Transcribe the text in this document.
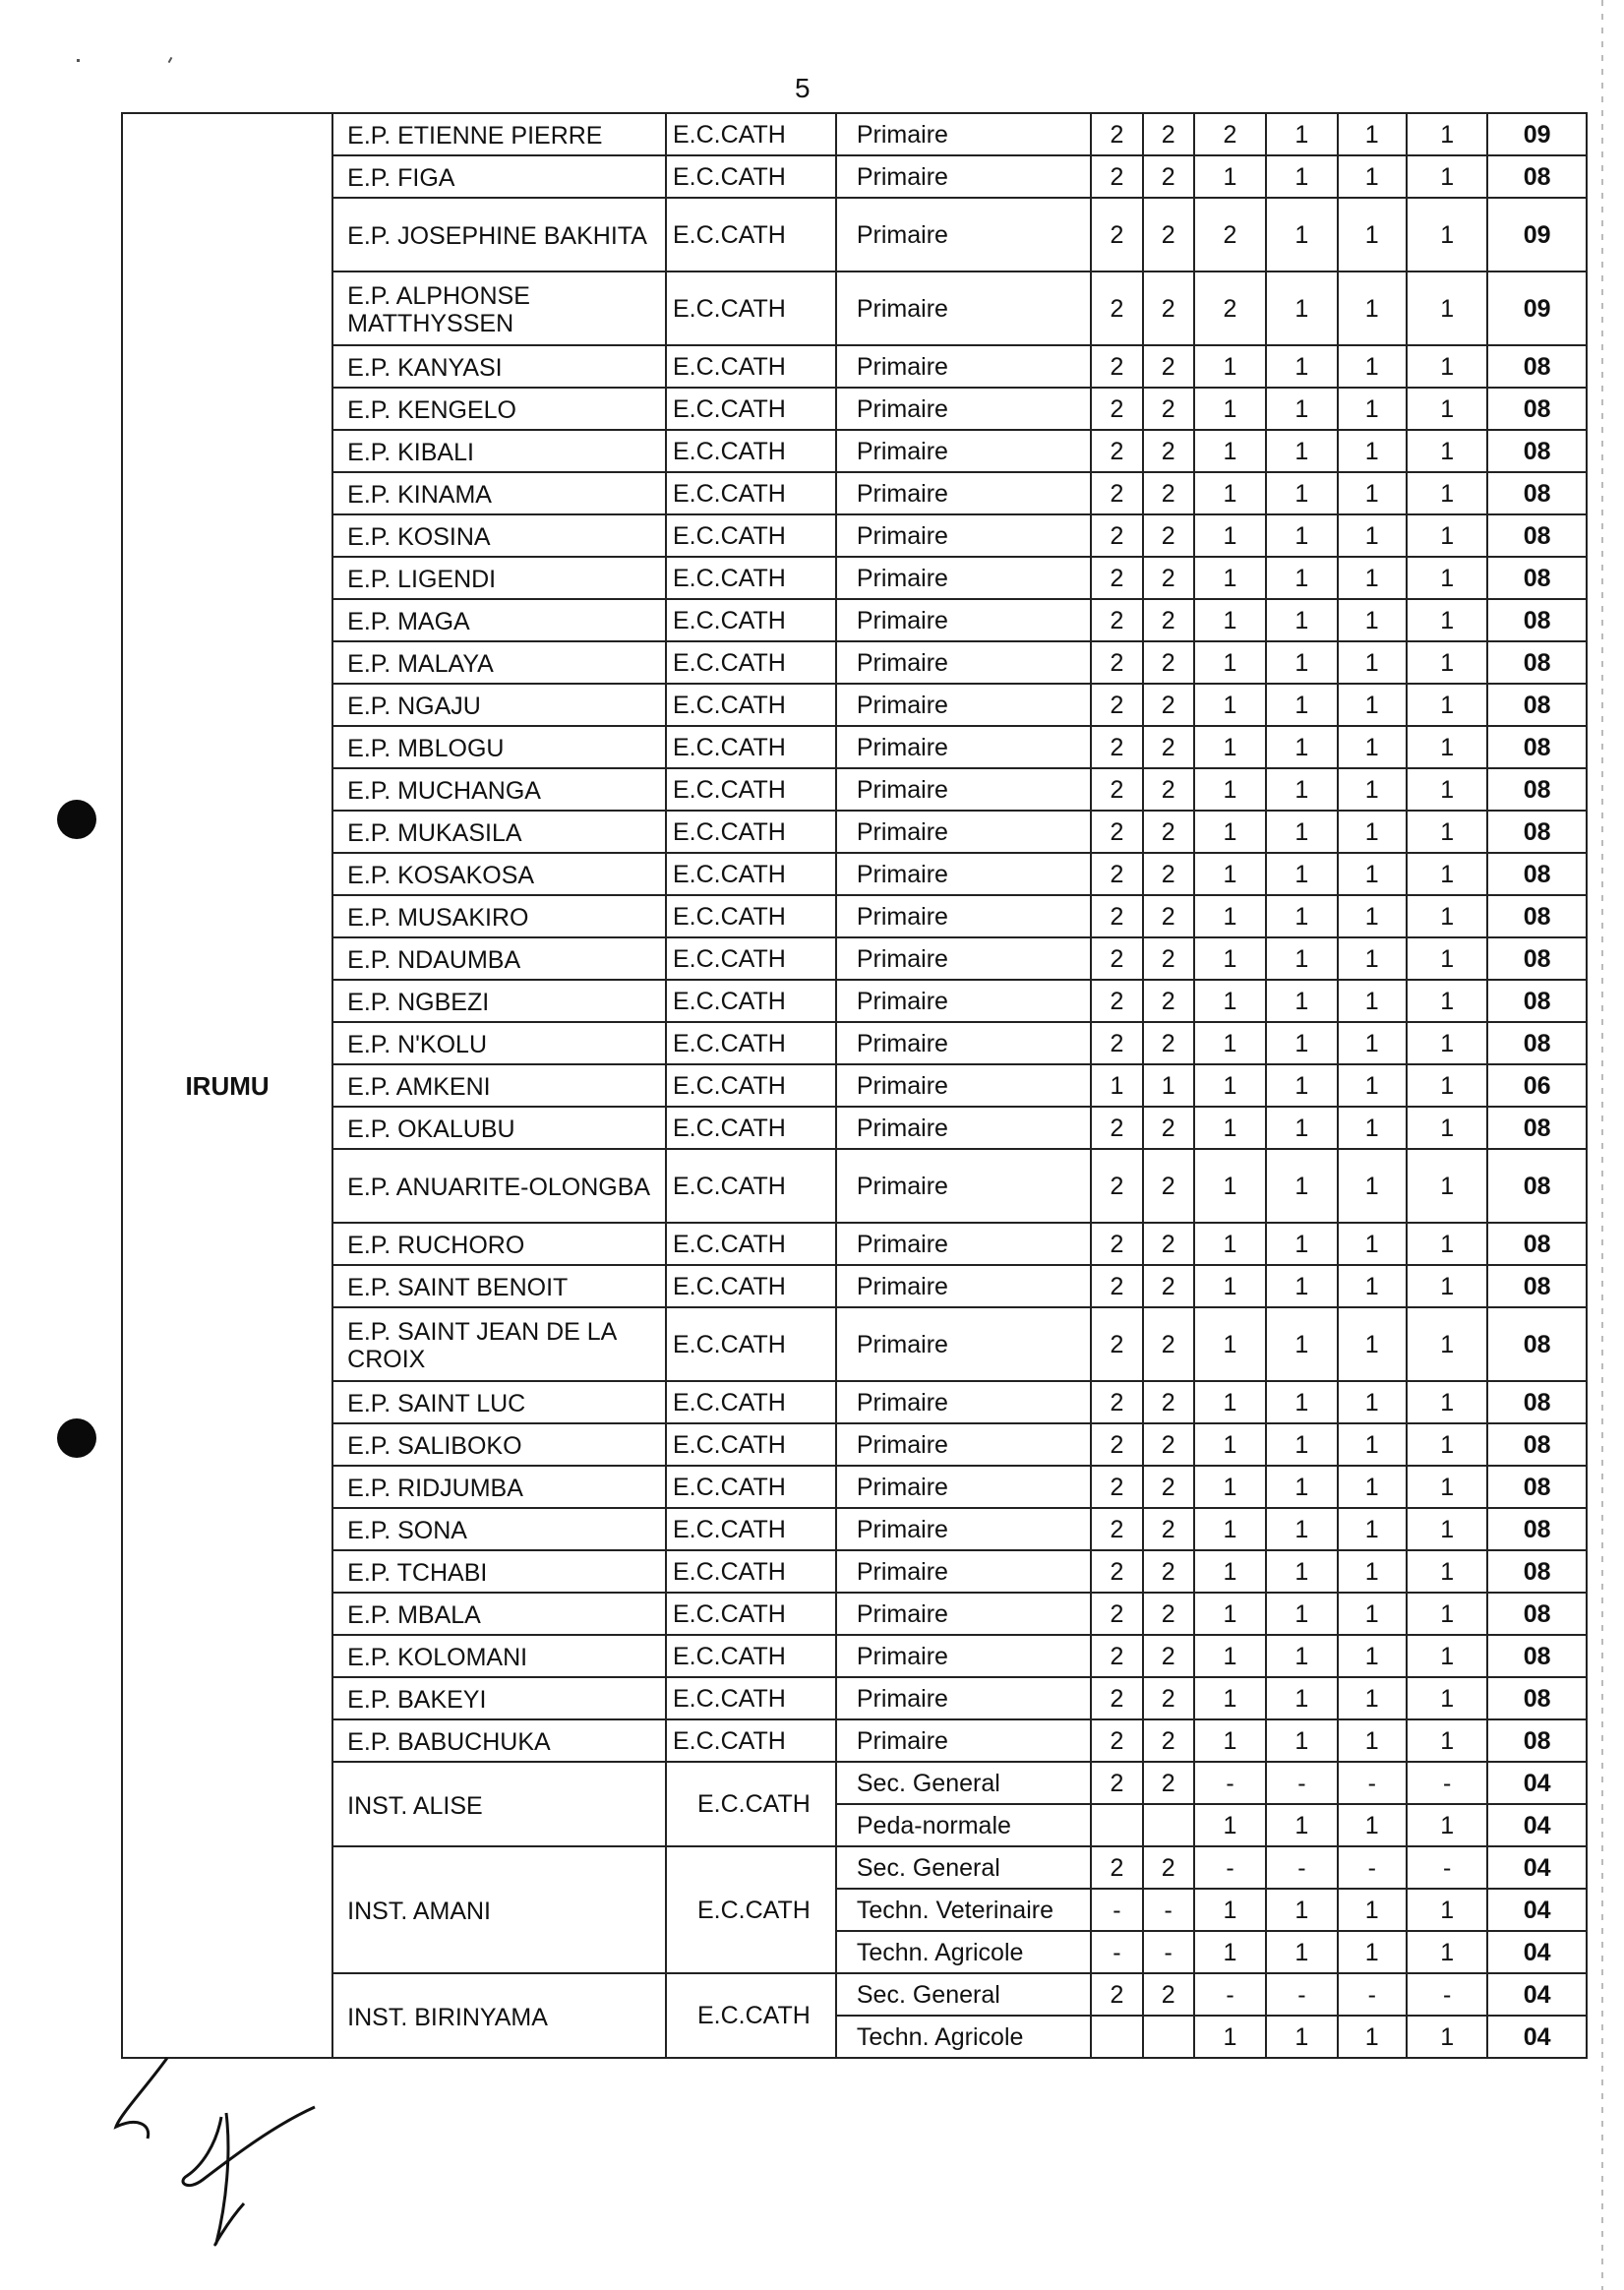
5
IRUMU	E.P. ETIENNE PIERRE	E.C.CATH	Primaire	2	2	2	1	1	1	09
	E.P. FIGA	E.C.CATH	Primaire	2	2	1	1	1	1	08
	E.P. JOSEPHINE BAKHITA	E.C.CATH	Primaire	2	2	2	1	1	1	09
	E.P. ALPHONSE MATTHYSSEN	E.C.CATH	Primaire	2	2	2	1	1	1	09
	E.P. KANYASI	E.C.CATH	Primaire	2	2	1	1	1	1	08
	E.P. KENGELO	E.C.CATH	Primaire	2	2	1	1	1	1	08
	E.P. KIBALI	E.C.CATH	Primaire	2	2	1	1	1	1	08
	E.P. KINAMA	E.C.CATH	Primaire	2	2	1	1	1	1	08
	E.P. KOSINA	E.C.CATH	Primaire	2	2	1	1	1	1	08
	E.P. LIGENDI	E.C.CATH	Primaire	2	2	1	1	1	1	08
	E.P. MAGA	E.C.CATH	Primaire	2	2	1	1	1	1	08
	E.P. MALAYA	E.C.CATH	Primaire	2	2	1	1	1	1	08
	E.P. NGAJU	E.C.CATH	Primaire	2	2	1	1	1	1	08
	E.P. MBLOGU	E.C.CATH	Primaire	2	2	1	1	1	1	08
	E.P. MUCHANGA	E.C.CATH	Primaire	2	2	1	1	1	1	08
	E.P. MUKASILA	E.C.CATH	Primaire	2	2	1	1	1	1	08
	E.P. KOSAKOSA	E.C.CATH	Primaire	2	2	1	1	1	1	08
	E.P. MUSAKIRO	E.C.CATH	Primaire	2	2	1	1	1	1	08
	E.P. NDAUMBA	E.C.CATH	Primaire	2	2	1	1	1	1	08
	E.P. NGBEZI	E.C.CATH	Primaire	2	2	1	1	1	1	08
	E.P. N'KOLU	E.C.CATH	Primaire	2	2	1	1	1	1	08
	E.P. AMKENI	E.C.CATH	Primaire	1	1	1	1	1	1	06
	E.P. OKALUBU	E.C.CATH	Primaire	2	2	1	1	1	1	08
	E.P. ANUARITE-OLONGBA	E.C.CATH	Primaire	2	2	1	1	1	1	08
	E.P. RUCHORO	E.C.CATH	Primaire	2	2	1	1	1	1	08
	E.P. SAINT BENOIT	E.C.CATH	Primaire	2	2	1	1	1	1	08
	E.P. SAINT JEAN DE LA CROIX	E.C.CATH	Primaire	2	2	1	1	1	1	08
	E.P. SAINT LUC	E.C.CATH	Primaire	2	2	1	1	1	1	08
	E.P. SALIBOKO	E.C.CATH	Primaire	2	2	1	1	1	1	08
	E.P. RIDJUMBA	E.C.CATH	Primaire	2	2	1	1	1	1	08
	E.P. SONA	E.C.CATH	Primaire	2	2	1	1	1	1	08
	E.P. TCHABI	E.C.CATH	Primaire	2	2	1	1	1	1	08
	E.P. MBALA	E.C.CATH	Primaire	2	2	1	1	1	1	08
	E.P. KOLOMANI	E.C.CATH	Primaire	2	2	1	1	1	1	08
	E.P. BAKEYI	E.C.CATH	Primaire	2	2	1	1	1	1	08
	E.P. BABUCHUKA	E.C.CATH	Primaire	2	2	1	1	1	1	08
	INST. ALISE	E.C.CATH	Sec. General	2	2	-	-	-	-	04
			Peda-normale			1	1	1	1	04
	INST. AMANI	E.C.CATH	Sec. General	2	2	-	-	-	-	04
			Techn. Veterinaire	-	-	1	1	1	1	04
			Techn. Agricole	-	-	1	1	1	1	04
	INST. BIRINYAMA	E.C.CATH	Sec. General	2	2	-	-	-	-	04
			Techn. Agricole			1	1	1	1	04
